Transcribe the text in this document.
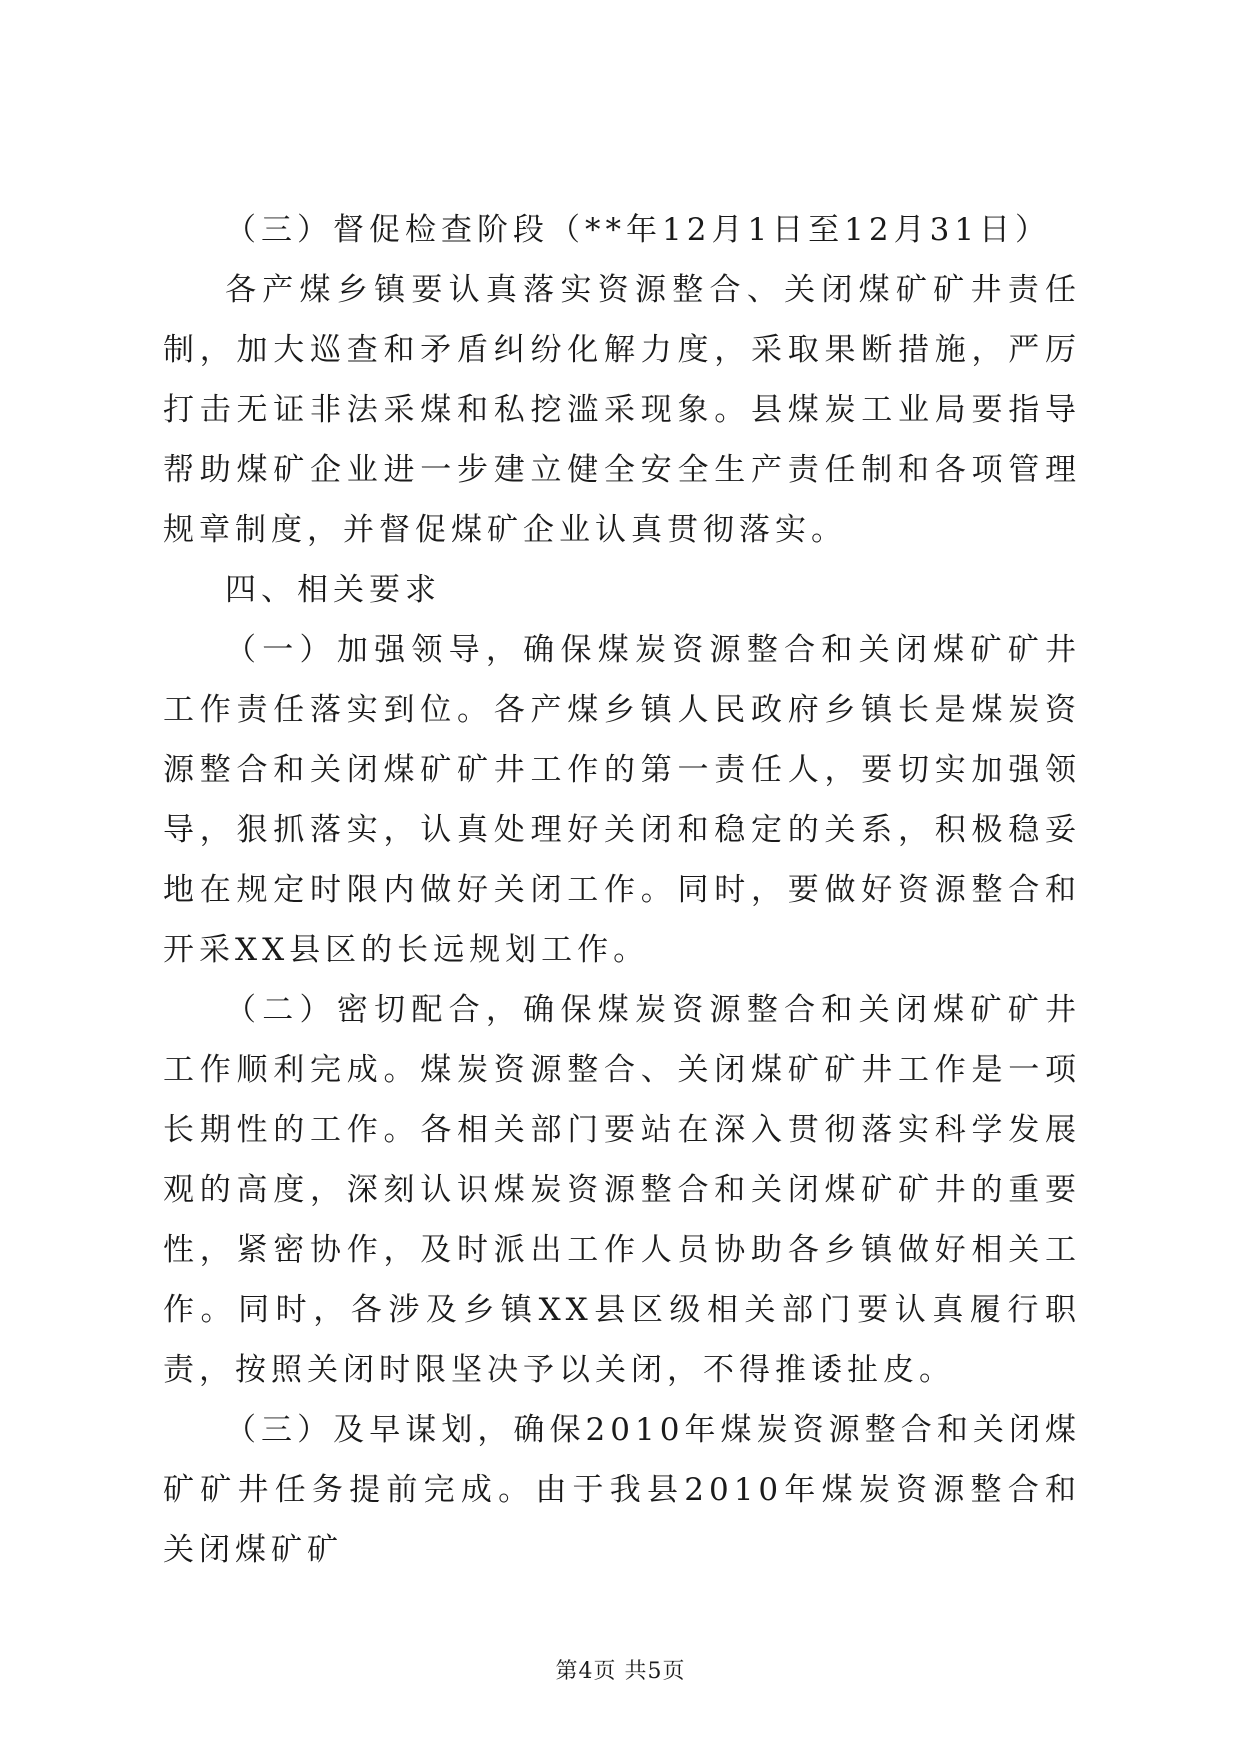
（三）督促检查阶段（**年12月1日至12月31日）

各产煤乡镇要认真落实资源整合、关闭煤矿矿井责任制，加大巡查和矛盾纠纷化解力度，采取果断措施，严厉打击无证非法采煤和私挖滥采现象。县煤炭工业局要指导帮助煤矿企业进一步建立健全安全生产责任制和各项管理规章制度，并督促煤矿企业认真贯彻落实。

四、相关要求

（一）加强领导，确保煤炭资源整合和关闭煤矿矿井工作责任落实到位。各产煤乡镇人民政府乡镇长是煤炭资源整合和关闭煤矿矿井工作的第一责任人，要切实加强领导，狠抓落实，认真处理好关闭和稳定的关系，积极稳妥地在规定时限内做好关闭工作。同时，要做好资源整合和开采XX县区的长远规划工作。

（二）密切配合，确保煤炭资源整合和关闭煤矿矿井工作顺利完成。煤炭资源整合、关闭煤矿矿井工作是一项长期性的工作。各相关部门要站在深入贯彻落实科学发展观的高度，深刻认识煤炭资源整合和关闭煤矿矿井的重要性，紧密协作，及时派出工作人员协助各乡镇做好相关工作。同时，各涉及乡镇XX县区级相关部门要认真履行职责，按照关闭时限坚决予以关闭，不得推诿扯皮。

（三）及早谋划，确保2010年煤炭资源整合和关闭煤矿矿井任务提前完成。由于我县2010年煤炭资源整合和关闭煤矿矿

第4页 共5页
